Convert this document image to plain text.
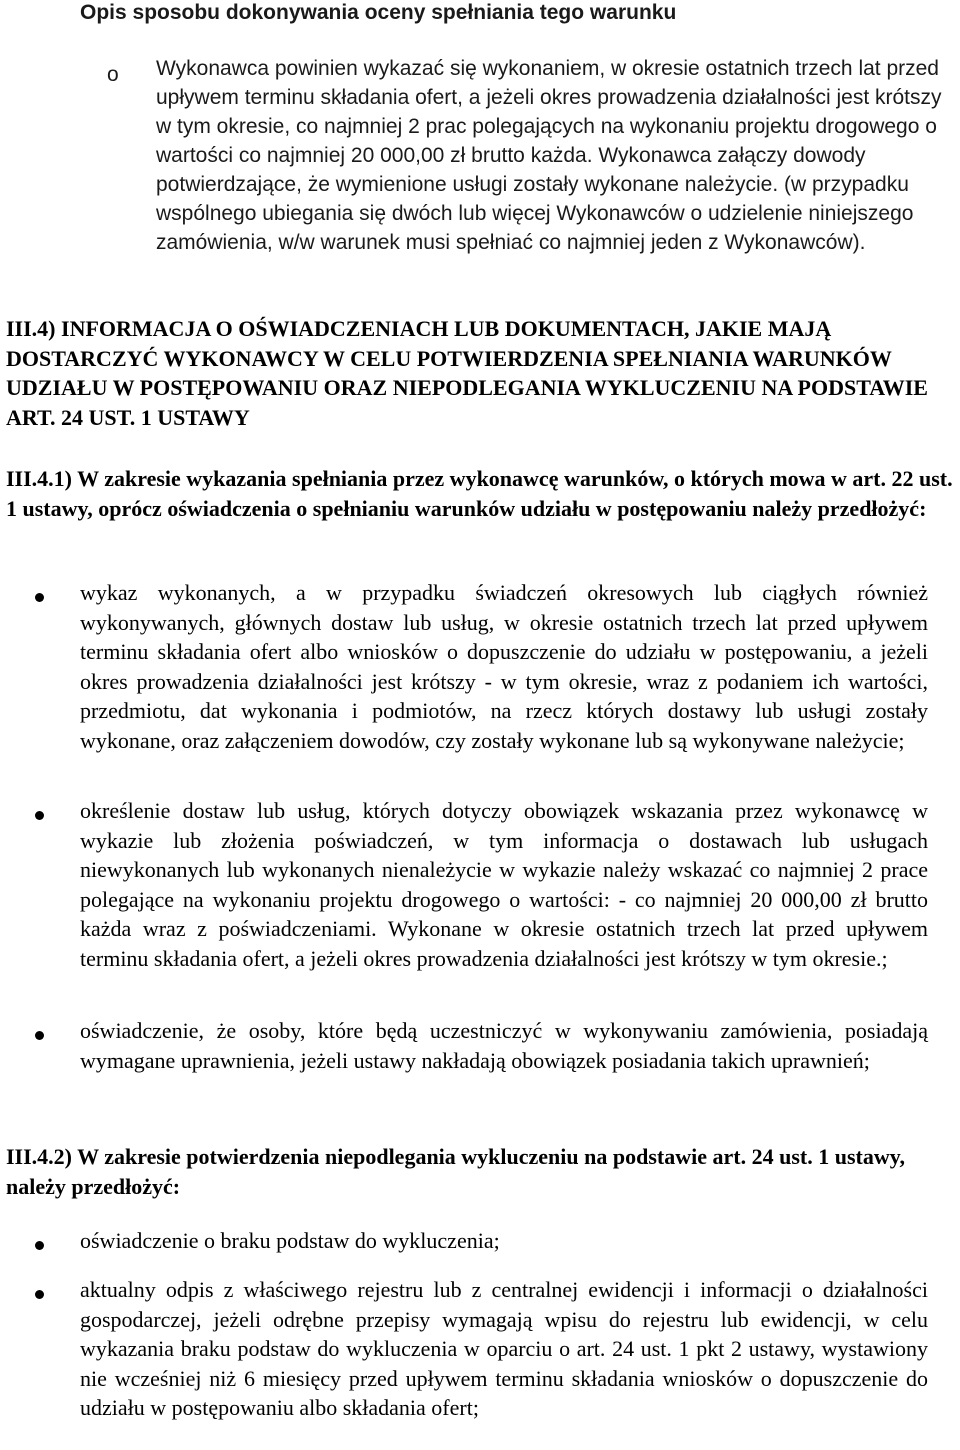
Opis sposobu dokonywania oceny spełniania tego warunku
o Wykonawca powinien wykazać się wykonaniem, w okresie ostatnich trzech lat przed upływem terminu składania ofert, a jeżeli okres prowadzenia działalności jest krótszy w tym okresie, co najmniej 2 prac polegających na wykonaniu projektu drogowego o wartości co najmniej 20 000,00 zł brutto każda. Wykonawca załączy dowody potwierdzające, że wymienione usługi zostały wykonane należycie. (w przypadku wspólnego ubiegania się dwóch lub więcej Wykonawców o udzielenie niniejszego zamówienia, w/w warunek musi spełniać co najmniej jeden z Wykonawców).

III.4) INFORMACJA O OŚWIADCZENIACH LUB DOKUMENTACH, JAKIE MAJĄ DOSTARCZYĆ WYKONAWCY W CELU POTWIERDZENIA SPEŁNIANIA WARUNKÓW UDZIAŁU W POSTĘPOWANIU ORAZ NIEPODLEGANIA WYKLUCZENIU NA PODSTAWIE ART. 24 UST. 1 USTAWY

III.4.1) W zakresie wykazania spełniania przez wykonawcę warunków, o których mowa w art. 22 ust. 1 ustawy, oprócz oświadczenia o spełnianiu warunków udziału w postępowaniu należy przedłożyć:

wykaz wykonanych, a w przypadku świadczeń okresowych lub ciągłych również wykonywanych, głównych dostaw lub usług, w okresie ostatnich trzech lat przed upływem terminu składania ofert albo wniosków o dopuszczenie do udziału w postępowaniu, a jeżeli okres prowadzenia działalności jest krótszy - w tym okresie, wraz z podaniem ich wartości, przedmiotu, dat wykonania i podmiotów, na rzecz których dostawy lub usługi zostały wykonane, oraz załączeniem dowodów, czy zostały wykonane lub są wykonywane należycie;

określenie dostaw lub usług, których dotyczy obowiązek wskazania przez wykonawcę w wykazie lub złożenia poświadczeń, w tym informacja o dostawach lub usługach niewykonanych lub wykonanych nienależycie w wykazie należy wskazać co najmniej 2 prace polegające na wykonaniu projektu drogowego o wartości: - co najmniej 20 000,00 zł brutto każda wraz z poświadczeniami. Wykonane w okresie ostatnich trzech lat przed upływem terminu składania ofert, a jeżeli okres prowadzenia działalności jest krótszy w tym okresie.;

oświadczenie, że osoby, które będą uczestniczyć w wykonywaniu zamówienia, posiadają wymagane uprawnienia, jeżeli ustawy nakładają obowiązek posiadania takich uprawnień;

III.4.2) W zakresie potwierdzenia niepodlegania wykluczeniu na podstawie art. 24 ust. 1 ustawy, należy przedłożyć:

oświadczenie o braku podstaw do wykluczenia;

aktualny odpis z właściwego rejestru lub z centralnej ewidencji i informacji o działalności gospodarczej, jeżeli odrębne przepisy wymagają wpisu do rejestru lub ewidencji, w celu wykazania braku podstaw do wykluczenia w oparciu o art. 24 ust. 1 pkt 2 ustawy, wystawiony nie wcześniej niż 6 miesięcy przed upływem terminu składania wniosków o dopuszczenie do udziału w postępowaniu albo składania ofert;
